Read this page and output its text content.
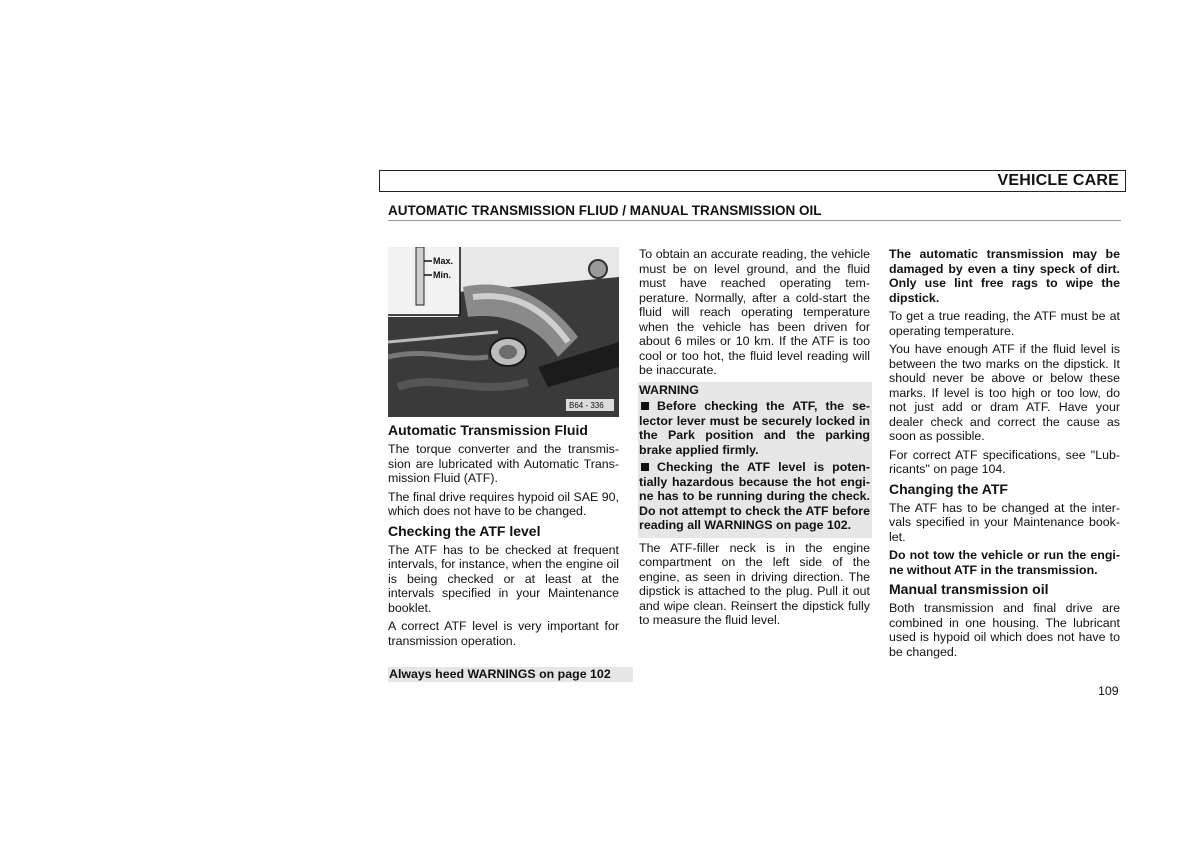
VEHICLE CARE
AUTOMATIC TRANSMISSION FLIUD / MANUAL TRANSMISSION OIL
Max.
Min.
B64 - 336
Automatic Transmission Fluid

The torque converter and the transmis-sion are lubricated with Automatic Trans-mission Fluid (ATF).

The final drive requires hypoid oil SAE 90, which does not have to be changed.

Checking the ATF level

The ATF has to be checked at frequent intervals, for instance, when the engine oil is being checked or at least at the intervals specified in your Maintenance booklet.

A correct ATF level is very important for transmission operation.

To obtain an accurate reading, the vehicle must be on level ground, and the fluid must have reached operating tem-perature. Normally, after a cold-start the fluid will reach operating temperature when the vehicle has been driven for about 6 miles or 10 km. If the ATF is too cool or too hot, the fluid level reading will be inaccurate.

WARNING
Before checking the ATF, the se-lector lever must be securely locked in the Park position and the parking brake applied firmly.
Checking the ATF level is poten-tially hazardous because the hot engi-ne has to be running during the check. Do not attempt to check the ATF before reading all WARNINGS on page 102.

The ATF-filler neck is in the engine compartment on the left side of the engine, as seen in driving direction. The dipstick is attached to the plug. Pull it out and wipe clean. Reinsert the dipstick fully to measure the fluid level.

The automatic transmission may be damaged by even a tiny speck of dirt. Only use lint free rags to wipe the dipstick.

To get a true reading, the ATF must be at operating temperature.

You have enough ATF if the fluid level is between the two marks on the dipstick. It should never be above or below these marks. If level is too high or too low, do not just add or dram ATF. Have your dealer check and correct the cause as soon as possible.

For correct ATF specifications, see "Lub-ricants" on page 104.

Changing the ATF

The ATF has to be changed at the inter-vals specified in your Maintenance book-let.

Do not tow the vehicle or run the engi-ne without ATF in the transmission.

Manual transmission oil

Both transmission and final drive are combined in one housing. The lubricant used is hypoid oil which does not have to be changed.

Always heed WARNINGS on page 102
109
